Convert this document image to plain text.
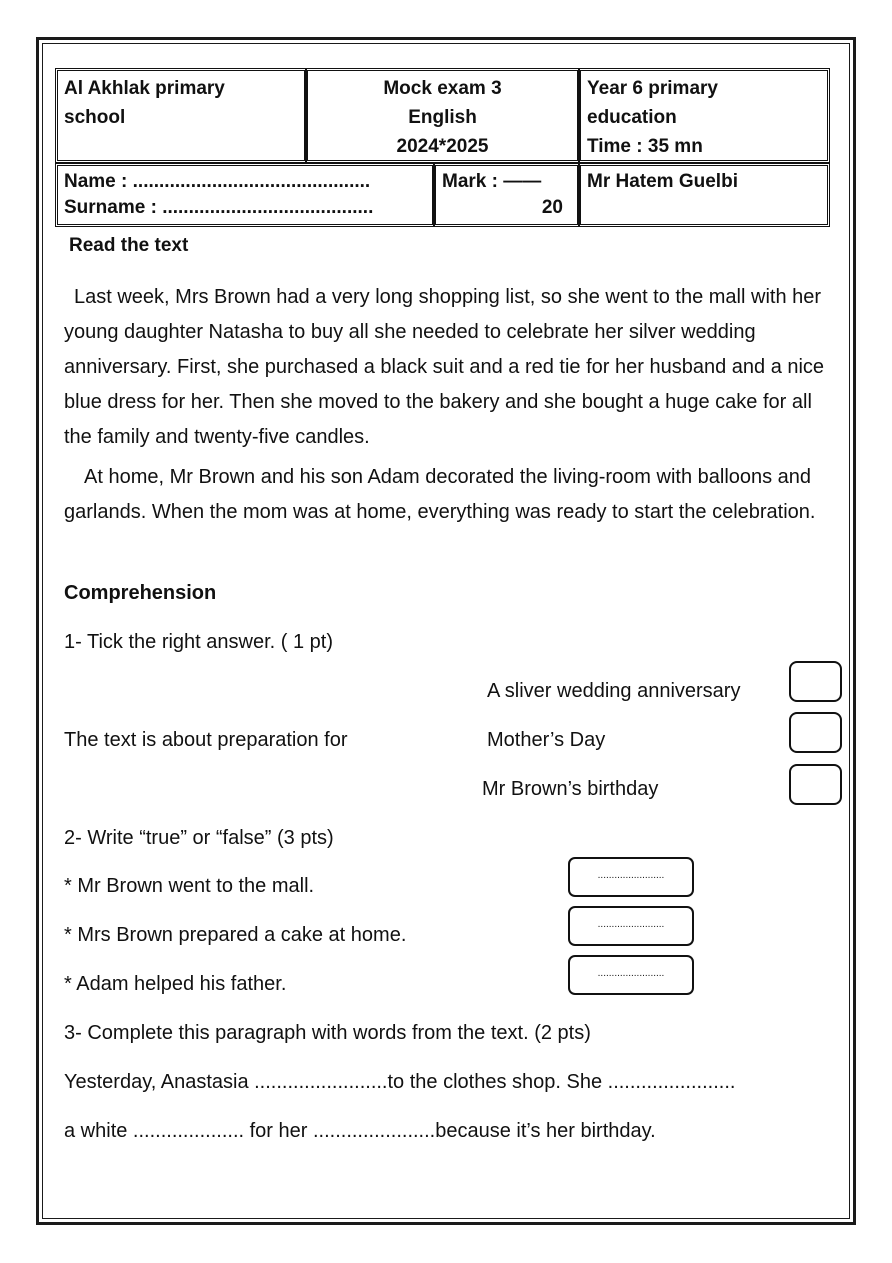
Al Akhlak primary
school
Mock exam 3
English
2024*2025
Year 6 primary
education
Time : 35 mn
Name : .............................................
Surname : ........................................
Mark : ——
20
Mr Hatem Guelbi
Read the text
Last week, Mrs Brown had a very long shopping list, so she went to the mall with her young daughter Natasha to buy all she needed to celebrate her silver wedding anniversary. First, she purchased a black suit and a red tie for her husband and a nice blue dress for her. Then she moved to the bakery and she bought a huge cake for all the family and twenty-five candles.
At home, Mr Brown and his son Adam decorated the living-room with balloons and garlands. When the mom was at home, everything was ready to start the celebration.
Comprehension
1- Tick the right answer. ( 1 pt)
The text is about preparation for
A sliver wedding anniversary
Mother’s Day
Mr Brown’s birthday
2- Write “true” or “false” (3 pts)
* Mr Brown went to the mall.
* Mrs Brown prepared a cake at home.
* Adam helped his father.
........................
........................
........................
3- Complete this paragraph with words from the text. (2 pts)
Yesterday, Anastasia ........................to the clothes shop. She .......................
a white .................... for her ......................because it’s her birthday.
